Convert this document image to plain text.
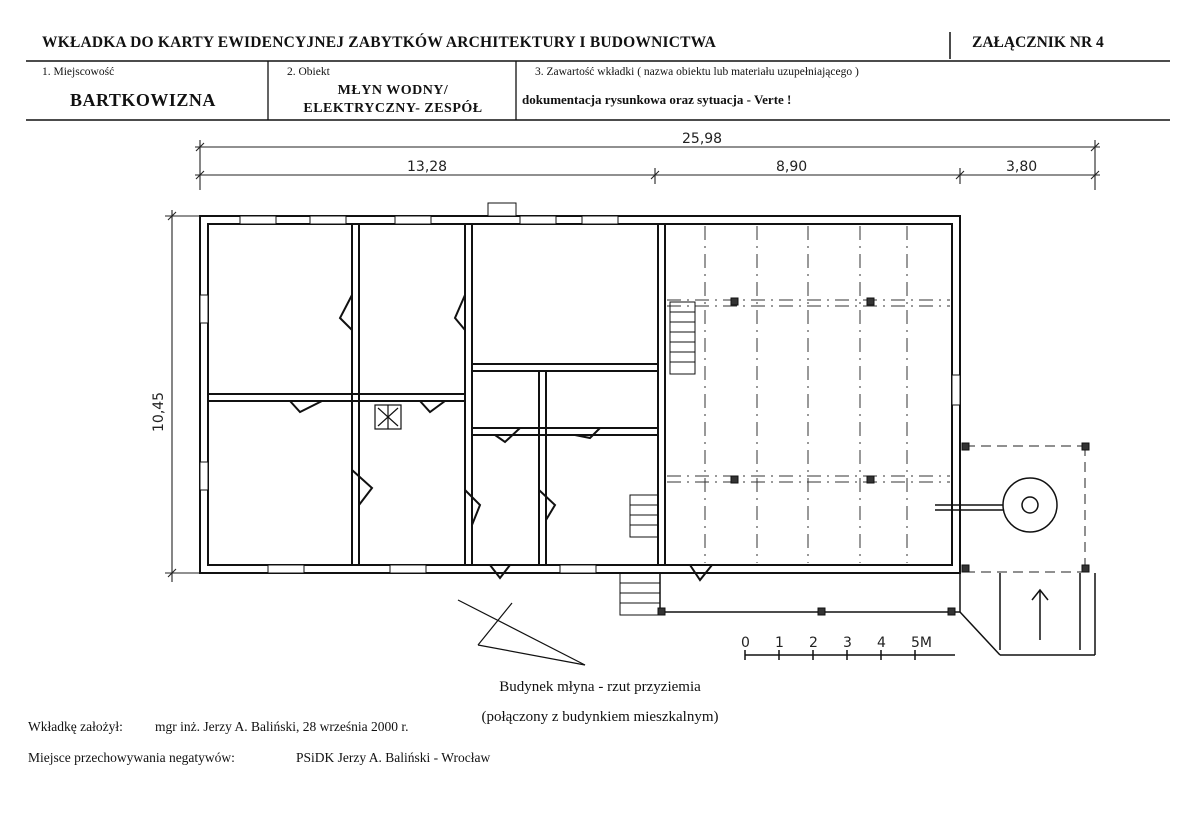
WKŁADKA DO KARTY EWIDENCYJNEJ ZABYTKÓW ARCHITEKTURY I BUDOWNICTWA	ZAŁĄCZNIK NR 4
1. Miejscowość
BARTKOWIZNA
2. Obiekt
MŁYN WODNY/
ELEKTRYCZNY- ZESPÓŁ
3. Zawartość wkładki ( nazwa obiektu lub materiału uzupełniającego )
dokumentacja rysunkowa oraz sytuacja - Verte !
25,98
13,28	8,90	3,80
10,45
0 1 2 3 4 5M
Budynek młyna - rzut przyziemia
(połączony z budynkiem mieszkalnym)
Wkładkę założył: mgr inż. Jerzy A. Baliński, 28 września 2000 r.
Miejsce przechowywania negatywów:	PSiDK Jerzy A. Baliński - Wrocław
